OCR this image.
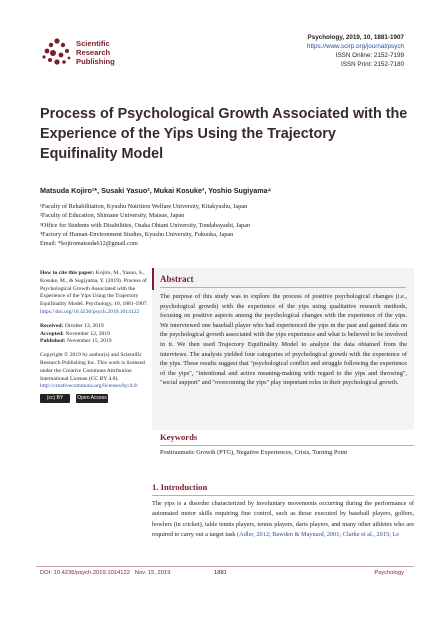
Scientific
Research
Publishing
Psychology, 2019, 10, 1881-1907
https://www.scirp.org/journal/psych
ISSN Online: 2152-7199
ISSN Print: 2152-7180
Process of Psychological Growth Associated with the Experience of the Yips Using the Trajectory Equifinality Model
Matsuda Kojiro¹*, Susaki Yasuo², Mukai Kosuke³, Yoshio Sugiyama⁴
¹Faculty of Rehabilitation, Kyushu Nutrition Welfare University, Kitakyushu, Japan
²Faculty of Education, Shimane University, Matsue, Japan
³Office for Students with Disabilities, Osaka Ohtani University, Tondabayashi, Japan
⁴Factory of Human-Environment Studies, Kyushu University, Fukuoka, Japan
Email: *kojiromatsuda612@gmail.com
How to cite this paper: Kojiro, M., Yasuo, S., Kosuke, M., & Sugiyama, Y. (2019). Process of Psychological Growth Associated with the Experience of the Yips Using the Trajectory Equifinality Model. Psychology, 10, 1881-1907.
https://doi.org/10.4236/psych.2019.1014122
Received: October 13, 2019
Accepted: November 12, 2019
Published: November 15, 2019
Copyright © 2019 by author(s) and Scientific Research Publishing Inc. This work is licensed under the Creative Commons Attribution International License (CC BY 4.0).
http://creativecommons.org/licenses/by/4.0/
(cc) BY	Open Access
Abstract

The purpose of this study was to explore the process of positive psychological changes (i.e., psychological growth) with the experience of the yips using qualitative research methods, focusing on positive aspects among the psychological changes with the experience of the yips. We interviewed one baseball player who had experienced the yips in the past and gained data on the psychological growth associated with the yips experience and what is believed to be involved in it. We then used Trajectory Equifinality Model to analyze the data obtained from the interviews. The analysis yielded four categories of psychological growth with the experience of the yips. These results suggest that "psychological conflict and struggle following the experience of the yips", "intentional and active meaning-making with regard to the yips and throwing", "social support" and "overcoming the yips" play important roles in their psychological growth.

Keywords
Posttraumatic Growth (PTG), Negative Experiences, Crisis, Turning Point
1. Introduction

The yips is a disorder characterized by involuntary movements occurring during the performance of automated motor skills requiring fine control, such as those executed by baseball players, golfers, bowlers (in cricket), table tennis players, tennis players, darts players, and many other athletes who are required to carry out a target task (Adler, 2012; Bawden & Maynard, 2001; Clarke et al., 2015; Le

DOI: 10.4236/psych.2019.1014122 Nov. 15, 2019	1881	Psychology
